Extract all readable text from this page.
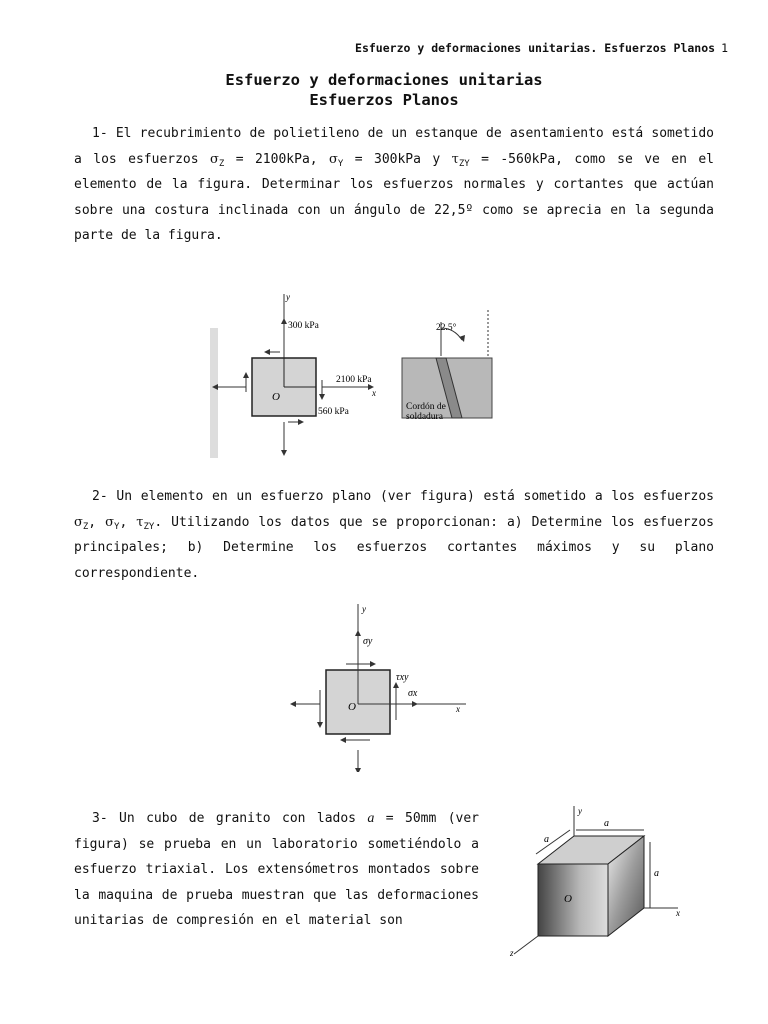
Esfuerzo y deformaciones unitarias. Esfuerzos Planos 1
Esfuerzo y deformaciones unitarias
Esfuerzos Planos
1- El recubrimiento de polietileno de un estanque de asentamiento está sometido a los esfuerzos $\sigma_Z = 2100kPa$, $\sigma_Y = 300kPa$ y $\tau_{ZY} = -560kPa$, como se ve en el elemento de la figura. Determinar los esfuerzos normales y cortantes que actúan sobre una costura inclinada con un ángulo de 22,5º como se aprecia en la segunda parte de la figura.
y
O
300 kPa
2100 kPa
x
560 kPa
22.5°
Cordón de
soldadura
2- Un elemento en un esfuerzo plano (ver figura) está sometido a los esfuerzos $\sigma_Z$, $\sigma_Y$, $\tau_{ZY}$. Utilizando los datos que se proporcionan: a) Determine los esfuerzos principales; b) Determine los esfuerzos cortantes máximos y su plano correspondiente.
y
x
O
σy
σx
τxy
3- Un cubo de granito con lados a = 50mm (ver figura) se prueba en un laboratorio sometiéndolo a esfuerzo triaxial. Los extensómetros montados sobre la maquina de prueba muestran que las deformaciones unitarias de compresión en el material son
y
x
z
O
a
a
a
